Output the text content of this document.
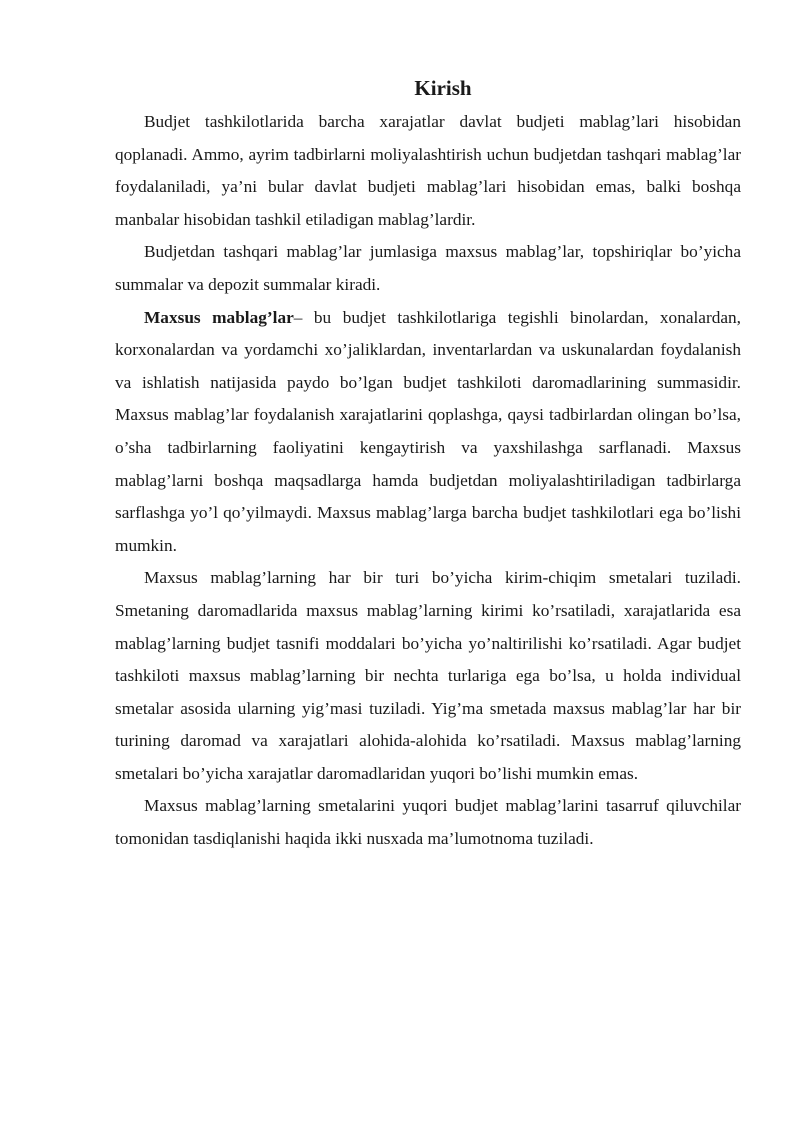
Kirish

Budjet tashkilotlarida barcha xarajatlar davlat budjeti mablag’lari hisobidan qoplanadi. Ammo, ayrim tadbirlarni moliyalashtirish uchun budjetdan tashqari mablag’lar foydalaniladi, ya’ni bular davlat budjeti mablag’lari hisobidan emas, balki boshqa manbalar hisobidan tashkil etiladigan mablag’lardir.

Budjetdan tashqari mablag’lar jumlasiga maxsus mablag’lar, topshiriqlar bo’yicha summalar va depozit summalar kiradi.

Maxsus mablag’lar– bu budjet tashkilotlariga tegishli binolardan, xonalardan, korxonalardan va yordamchi xo’jaliklardan, inventarlardan va uskunalardan foydalanish va ishlatish natijasida paydo bo’lgan budjet tashkiloti daromadlarining summasidir. Maxsus mablag’lar foydalanish xarajatlarini qoplashga, qaysi tadbirlardan olingan bo’lsa, o’sha tadbirlarning faoliyatini kengaytirish va yaxshilashga sarflanadi. Maxsus mablag’larni boshqa maqsadlarga hamda budjetdan moliyalashtiriladigan tadbirlarga sarflashga yo’l qo’yilmaydi. Maxsus mablag’larga barcha budjet tashkilotlari ega bo’lishi mumkin.

Maxsus mablag’larning har bir turi bo’yicha kirim-chiqim smetalari tuziladi. Smetaning daromadlarida maxsus mablag’larning kirimi ko’rsatiladi, xarajatlarida esa mablag’larning budjet tasnifi moddalari bo’yicha yo’naltirilishi ko’rsatiladi. Agar budjet tashkiloti maxsus mablag’larning bir nechta turlariga ega bo’lsa, u holda individual smetalar asosida ularning yig’masi tuziladi. Yig’ma smetada maxsus mablag’lar har bir turining daromad va xarajatlari alohida-alohida ko’rsatiladi. Maxsus mablag’larning smetalari bo’yicha xarajatlar daromadlaridan yuqori bo’lishi mumkin emas.

Maxsus mablag’larning smetalarini yuqori budjet mablag’larini tasarruf qiluvchilar tomonidan tasdiqlanishi haqida ikki nusxada ma’lumotnoma tuziladi.
